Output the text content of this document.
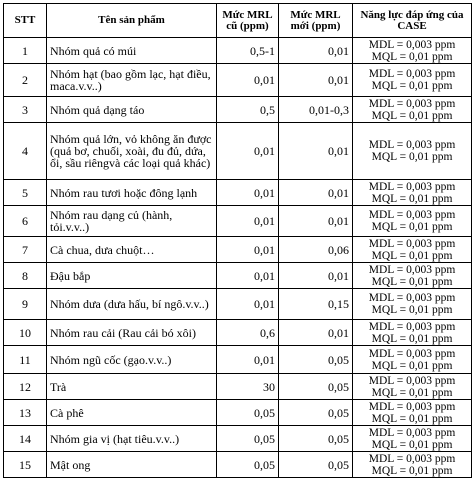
STT	Tên sản phẩm	Mức MRL cũ (ppm)	Mức MRL mới (ppm)	Năng lực đáp ứng của CASE
1	Nhóm quả có múi	0,5-1	0,01	MDL = 0,003 ppm
MQL = 0,01 ppm

2	Nhóm hạt (bao gồm lạc, hạt điều, maca.v.v..)	0,01	0,01	MDL = 0,003 ppm
MQL = 0,01 ppm

3	Nhóm quả dạng táo	0,5	0,01-0,3	MDL = 0,003 ppm
MQL = 0,01 ppm

4	Nhóm quả lớn, vỏ không ăn được (quả bơ, chuối, xoài, đu đủ, dứa, ổi, sầu riêngvà các loại quả khác)	0,01	0,01	MDL = 0,003 ppm
MQL = 0,01 ppm

5	Nhóm rau tươi hoặc đông lạnh	0,01	0,01	MDL = 0,003 ppm
MQL = 0,01 ppm

6	Nhóm rau dạng củ (hành, tỏi.v.v..)	0,01	0,01	MDL = 0,003 ppm
MQL = 0,01 ppm

7	Cà chua, dưa chuột…	0,01	0,06	MDL = 0,003 ppm
MQL = 0,01 ppm

8	Đậu bắp	0,01	0,01	MDL = 0,003 ppm
MQL = 0,01 ppm

9	Nhóm dưa (dưa hấu, bí ngô.v.v..)	0,01	0,15	MDL = 0,003 ppm
MQL = 0,01 ppm

10	Nhóm rau cải (Rau cải bó xôi)	0,6	0,01	MDL = 0,003 ppm
MQL = 0,01 ppm

11	Nhóm ngũ cốc (gạo.v.v..)	0,01	0,05	MDL = 0,003 ppm
MQL = 0,01 ppm

12	Trà	30	0,05	MDL = 0,003 ppm
MQL = 0,01 ppm

13	Cà phê	0,05	0,05	MDL = 0,003 ppm
MQL = 0,01 ppm

14	Nhóm gia vị (hạt tiêu.v.v..)	0,05	0,05	MDL = 0,003 ppm
MQL = 0,01 ppm

15	Mật ong	0,05	0,05	MDL = 0,003 ppm
MQL = 0,01 ppm
